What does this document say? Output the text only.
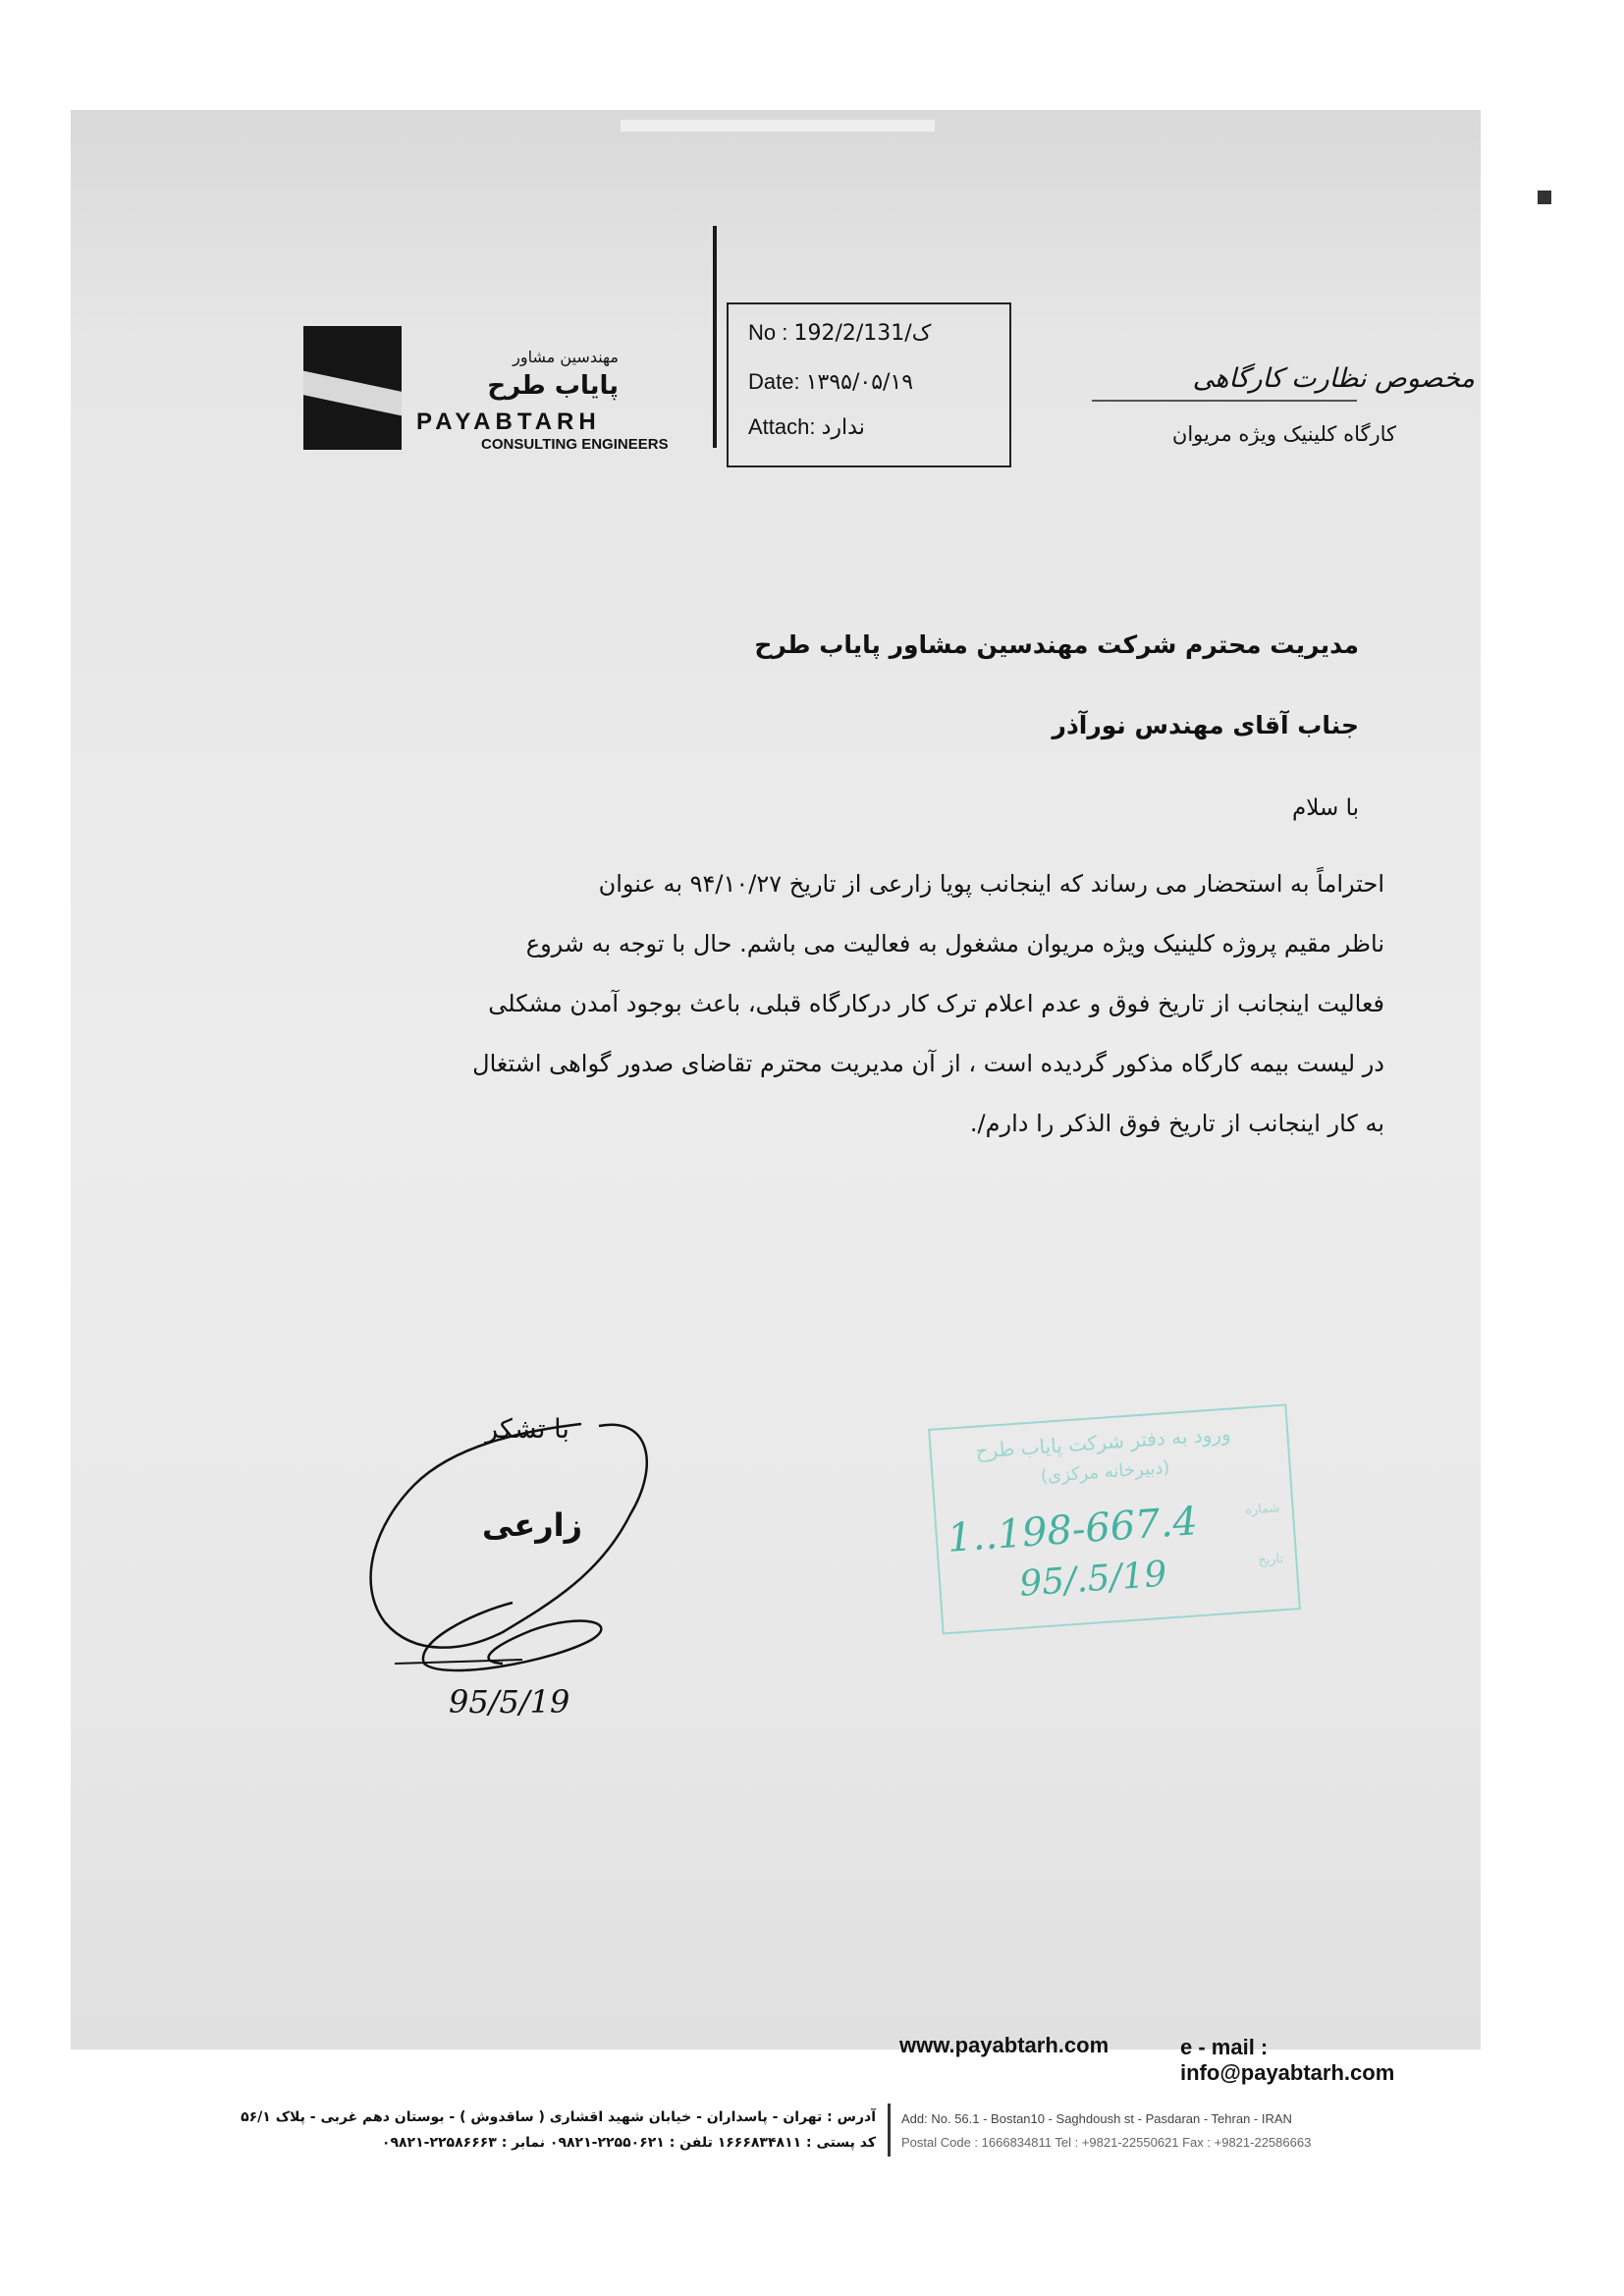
مهندسین مشاور
پایاب طرح
PAYABTARH
CONSULTING ENGINEERS
No : 192/2/ک/131
Date: ۱۳۹۵/۰۵/۱۹
Attach: ندارد
مخصوص نظارت کارگاهی
کارگاه کلینیک ویژه مریوان
مدیریت محترم شرکت مهندسین مشاور پایاب طرح
جناب آقای مهندس نورآذر
با سلام

احتراماً به استحضار می رساند که اینجانب پویا زارعی از تاریخ ۹۴/۱۰/۲۷ به عنوان

ناظر مقیم پروژه کلینیک ویژه مریوان مشغول به فعالیت می باشم. حال با توجه به شروع

فعالیت اینجانب از تاریخ فوق و عدم اعلام ترک کار درکارگاه قبلی، باعث بوجود آمدن مشکلی

در لیست بیمه کارگاه مذکور گردیده است ، از آن مدیریت محترم تقاضای صدور گواهی اشتغال

به کار اینجانب از تاریخ فوق الذکر را دارم/.

با تشکر
زارعی
95/5/19
ورود به دفتر شرکت پایاب طرح
(دبیرخانه مرکزی)
شماره
تاریخ
1..198-667.4
95/.5/19
www.payabtarh.com	e - mail : info@payabtarh.com
آدرس : تهران - پاسداران - خیابان شهید اقشاری ( ساقدوش ) - بوستان دهم غربی - پلاک ۵۶/۱
کد پستی : ۱۶۶۶۸۳۴۸۱۱ تلفن : ۲۲۵۵۰۶۲۱-۰۹۸۲۱ نمابر : ۲۲۵۸۶۶۶۳-۰۹۸۲۱
Add: No. 56.1 - Bostan10 - Saghdoush st - Pasdaran - Tehran - IRAN
Postal Code : 1666834811 Tel : +9821-22550621 Fax : +9821-22586663
